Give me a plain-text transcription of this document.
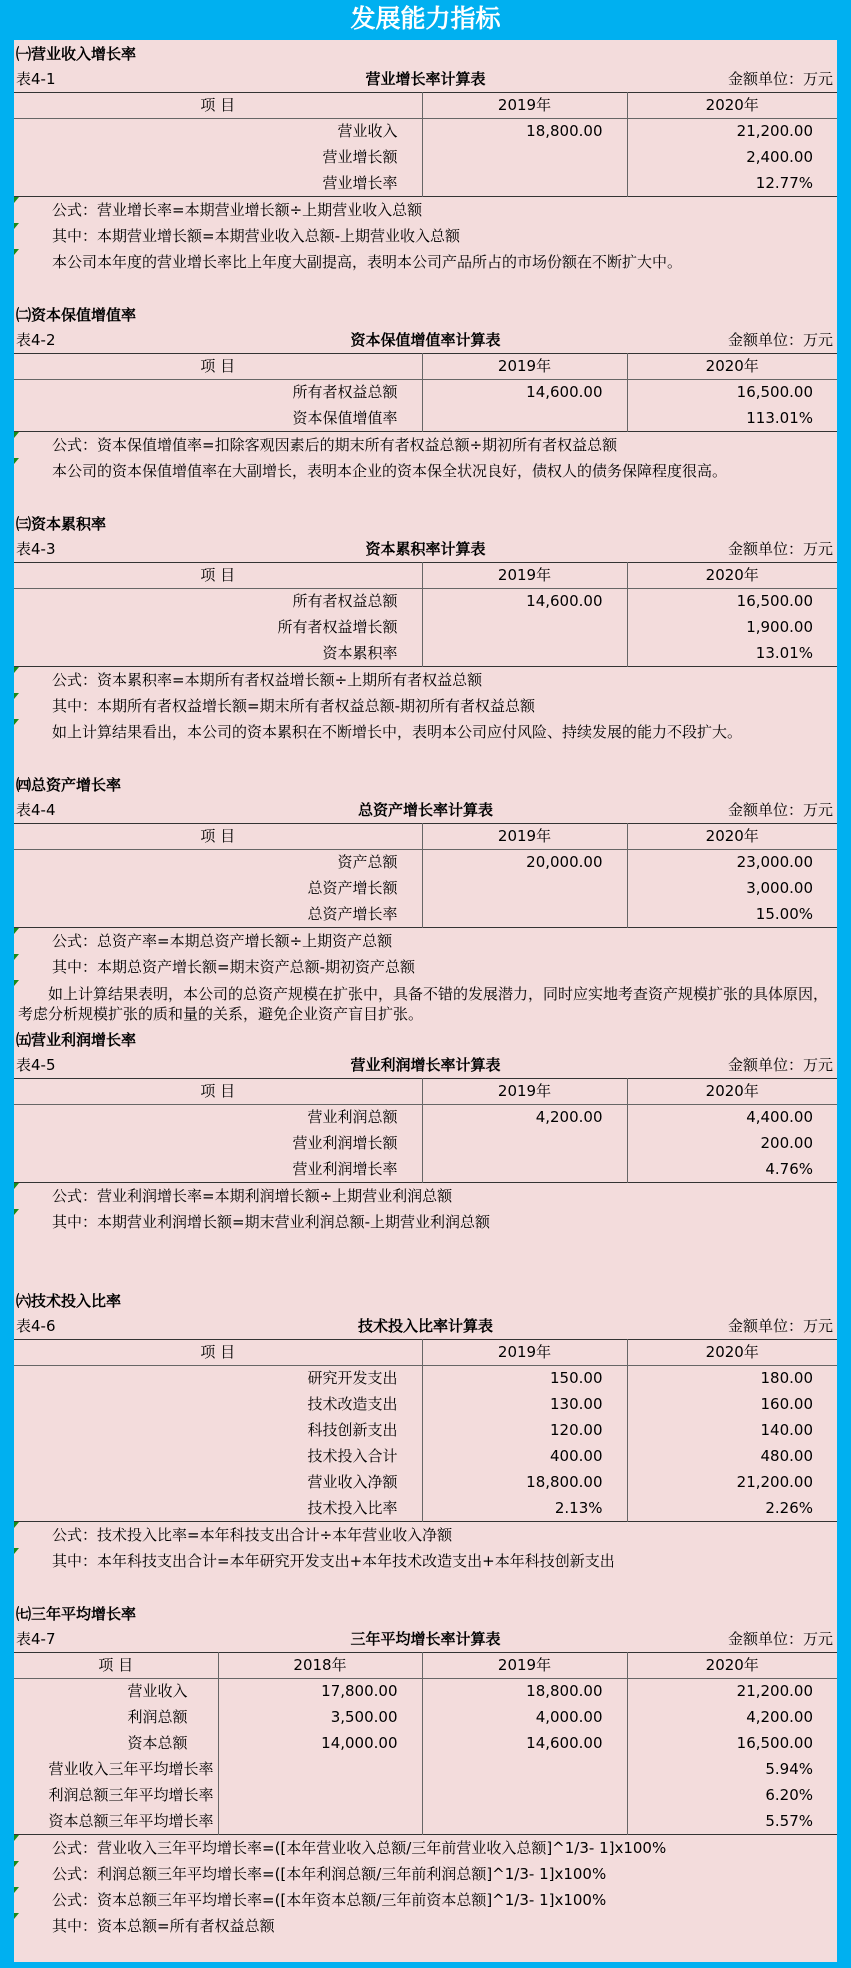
发展能力指标
㈠营业收入增长率
表4-1	营业增长率计算表	金额单位：万元
项 目	2019年	2020年
营业收入	18,800.00	21,200.00
营业增长额		2,400.00
营业增长率		12.77%
公式：营业增长率=本期营业增长额÷上期营业收入总额
其中：本期营业增长额=本期营业收入总额-上期营业收入总额
本公司本年度的营业增长率比上年度大副提高，表明本公司产品所占的市场份额在不断扩大中。
㈡资本保值增值率
表4-2	资本保值增值率计算表	金额单位：万元
项 目	2019年	2020年
所有者权益总额	14,600.00	16,500.00
资本保值增值率		113.01%
公式：资本保值增值率=扣除客观因素后的期末所有者权益总额÷期初所有者权益总额
本公司的资本保值增值率在大副增长，表明本企业的资本保全状况良好，债权人的债务保障程度很高。
㈢资本累积率
表4-3	资本累积率计算表	金额单位：万元
项 目	2019年	2020年
所有者权益总额	14,600.00	16,500.00
所有者权益增长额		1,900.00
资本累积率		13.01%
公式：资本累积率=本期所有者权益增长额÷上期所有者权益总额
其中：本期所有者权益增长额=期末所有者权益总额-期初所有者权益总额
如上计算结果看出，本公司的资本累积在不断增长中，表明本公司应付风险、持续发展的能力不段扩大。
㈣总资产增长率
表4-4	总资产增长率计算表	金额单位：万元
项 目	2019年	2020年
资产总额	20,000.00	23,000.00
总资产增长额		3,000.00
总资产增长率		15.00%
公式：总资产率=本期总资产增长额÷上期资产总额
其中：本期总资产增长额=期末资产总额-期初资产总额
　　如上计算结果表明，本公司的总资产规模在扩张中，具备不错的发展潜力，同时应实地考查资产规模扩张的具体原因，考虑分析规模扩张的质和量的关系，避免企业资产盲目扩张。
㈤营业利润增长率
表4-5	营业利润增长率计算表	金额单位：万元
项 目	2019年	2020年
营业利润总额	4,200.00	4,400.00
营业利润增长额		200.00
营业利润增长率		4.76%
公式：营业利润增长率=本期利润增长额÷上期营业利润总额
其中：本期营业利润增长额=期末营业利润总额-上期营业利润总额
㈥技术投入比率
表4-6	技术投入比率计算表	金额单位：万元
项 目	2019年	2020年
研究开发支出	150.00	180.00
技术改造支出	130.00	160.00
科技创新支出	120.00	140.00
技术投入合计	400.00	480.00
营业收入净额	18,800.00	21,200.00
技术投入比率	2.13%	2.26%
公式：技术投入比率=本年科技支出合计÷本年营业收入净额
其中：本年科技支出合计=本年研究开发支出+本年技术改造支出+本年科技创新支出
㈦三年平均增长率
表4-7	三年平均增长率计算表	金额单位：万元
项 目	2018年	2019年	2020年
营业收入	17,800.00	18,800.00	21,200.00
利润总额	3,500.00	4,000.00	4,200.00
资本总额	14,000.00	14,600.00	16,500.00
营业收入三年平均增长率			5.94%
利润总额三年平均增长率			6.20%
资本总额三年平均增长率			5.57%
公式：营业收入三年平均增长率=([本年营业收入总额/三年前营业收入总额]^1/3- 1]x100%
公式：利润总额三年平均增长率=([本年利润总额/三年前利润总额]^1/3- 1]x100%
公式：资本总额三年平均增长率=([本年资本总额/三年前资本总额]^1/3- 1]x100%
其中：资本总额=所有者权益总额
